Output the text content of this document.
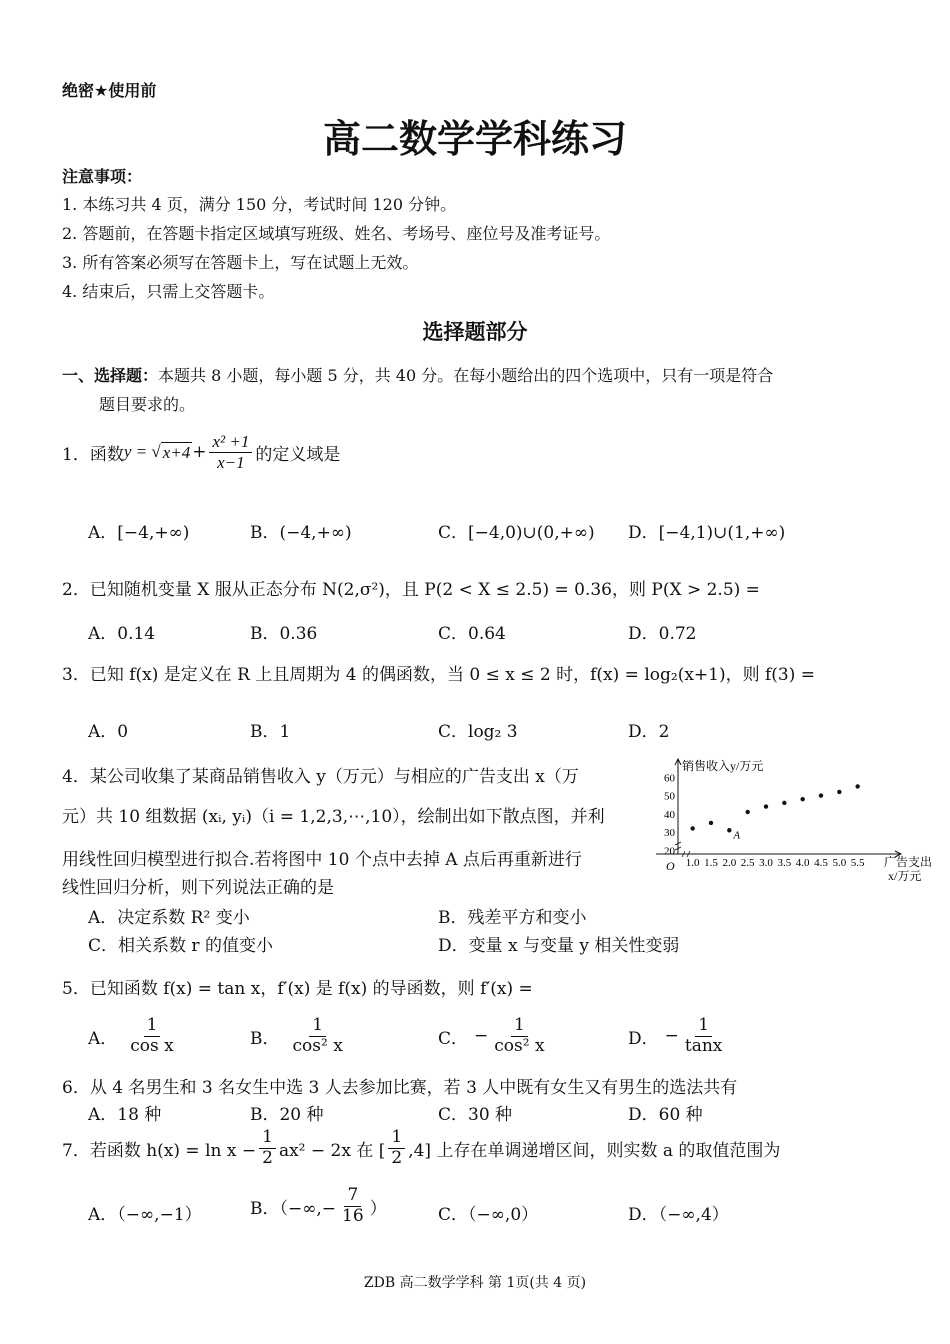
绝密★使用前
高二数学学科练习
注意事项：
1. 本练习共 4 页，满分 150 分，考试时间 120 分钟。
2. 答题前，在答题卡指定区域填写班级、姓名、考场号、座位号及准考证号。
3. 所有答案必须写在答题卡上，写在试题上无效。
4. 结束后，只需上交答题卡。
选择题部分
一、选择题：本题共 8 小题，每小题 5 分，共 40 分。在每小题给出的四个选项中，只有一项是符合
题目要求的。
1．函数 y = √ $x+4 + \frac{\text{x² +1}}{x-1}$ 的定义域是
A．[−4,+∞)	B．(−4,+∞)	C．[−4,0)∪(0,+∞) D．[−4,1)∪(1,+∞)
2．已知随机变量 X 服从正态分布 N(2,σ²)，且 P(2 < X ≤ 2.5) = 0.36，则 P(X > 2.5) =
A．0.14	B．0.36	C．0.64	D．0.72
3．已知 f(x) 是定义在 R 上且周期为 4 的偶函数，当 0 ≤ x ≤ 2 时，f(x) = log₂(x+1)，则 f(3) =
A．0	B．1	C．log₂ 3	D．2
4．某公司收集了某商品销售收入 y（万元）与相应的广告支出 x（万
元）共 10 组数据 (xᵢ, yᵢ)（i = 1,2,3,⋯,10），绘制出如下散点图，并利
用线性回归模型进行拟合.若将图中 10 个点中去掉 A 点后再重新进行
线性回归分析，则下列说法正确的是
A．决定系数 R² 变小	B．残差平方和变小
C．相关系数 r 的值变小	D．变量 x 与变量 y 相关性变弱
销售收入y/万元
O	广告支出
x/万元
20
30
40
50
60
1.0 1.5 2.0 2.5 3.0 3.5 4.0 4.5 5.0 5.5
A
5．已知函数 f(x) = tan x，f′(x) 是 f(x) 的导函数，则 f′(x) =
A． $\frac{1}{\text{cos x}}$	B． $\frac{1}{\text{cos² x}}$	C． − $\frac{1}{\text{cos² x}}$	D． − $\frac{1}{\tan x}$
6．从 4 名男生和 3 名女生中选 3 人去参加比赛，若 3 人中既有女生又有男生的选法共有
A．18 种	B．20 种	C．30 种	D．60 种
7．若函数 $h(x) = \ln x - \frac{1}{2} ax^2 - 2x$ 在 [ $\frac{1}{2} ,4$] 上存在单调递增区间，则实数 a 的取值范围为
A．（−∞,−1）	B．（−∞,− $\frac{7}{16}$ ）	C．（−∞,0）	D．（−∞,4）
ZDB 高二数学学科 第 1页(共 4 页)
